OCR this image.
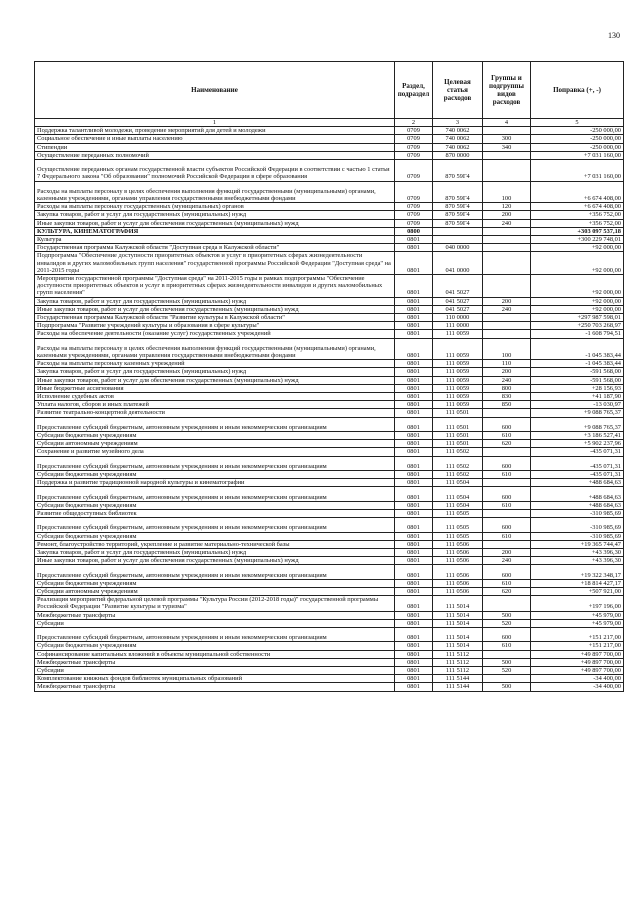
130
Наименование	Раздел, подраздел	Целевая статья расходов	Группы и подгруппы видов расходов	Поправка (+, -)
1	2	3	4	5
Поддержка талантливой молодежи, проведение мероприятий для детей и молодежи	0709	740 0062		-250 000,00
Социальное обеспечение и иные выплаты населению	0709	740 0062	300	-250 000,00
Стипендии	0709	740 0062	340	-250 000,00
Осуществление переданных полномочий	0709	870 0000		+7 031 160,00
Осуществление переданных органам государственной власти субъектов Российской Федерации в соответствии с частью 1 статьи 7 Федерального закона "Об образовании" полномочий Российской Федерации в сфере образования	0709	870 59Г4		+7 031 160,00
Расходы на выплаты персоналу в целях обеспечения выполнения функций государственными (муниципальными) органами, казенными учреждениями, органами управления государственными внебюджетными фондами	0709	870 59Г4	100	+6 674 408,00
Расходы на выплаты персоналу государственных (муниципальных) органов	0709	870 59Г4	120	+6 674 408,00
Закупка товаров, работ и услуг для государственных (муниципальных) нужд	0709	870 59Г4	200	+356 752,00
Иные закупки товаров, работ и услуг для обеспечения государственных (муниципальных) нужд	0709	870 59Г4	240	+356 752,00
КУЛЬТУРА, КИНЕМАТОГРАФИЯ	0800			+303 097 537,18
Культура	0801			+300 229 748,01
Государственная программа Калужской области "Доступная среда в Калужской области"	0801	040 0000		+92 000,00
Подпрограмма "Обеспечение доступности приоритетных объектов и услуг в приоритетных сферах жизнедеятельности инвалидов и других маломобильных групп населения" государственной программы Российской Федерации "Доступная среда" на 2011-2015 годы	0801	041 0000		+92 000,00
Мероприятия государственной программы "Доступная среда" на 2011-2015 годы в рамках подпрограммы "Обеспечение доступности приоритетных объектов и услуг в приоритетных сферах жизнедеятельности инвалидов и других маломобильных групп населения"	0801	041 5027		+92 000,00
Закупка товаров, работ и услуг для государственных (муниципальных) нужд	0801	041 5027	200	+92 000,00
Иные закупки товаров, работ и услуг для обеспечения государственных (муниципальных) нужд	0801	041 5027	240	+92 000,00
Государственная программа Калужской области "Развитие культуры в Калужской области"	0801	110 0000		+297 987 598,01
Подпрограмма "Развитие учреждений культуры и образования в сфере культуры"	0801	111 0000		+250 703 268,97
Расходы на обеспечение деятельности (оказание услуг) государственных учреждений	0801	111 0059		-1 608 794,51
Расходы на выплаты персоналу в целях обеспечения выполнения функций государственными (муниципальными) органами, казенными учреждениями, органами управления государственными внебюджетными фондами	0801	111 0059	100	-1 045 383,44
Расходы на выплаты персоналу казенных учреждений	0801	111 0059	110	-1 045 383,44
Закупка товаров, работ и услуг для государственных (муниципальных) нужд	0801	111 0059	200	-591 568,00
Иные закупки товаров, работ и услуг для обеспечения государственных (муниципальных) нужд	0801	111 0059	240	-591 568,00
Иные бюджетные ассигнования	0801	111 0059	800	+28 156,93
Исполнение судебных актов	0801	111 0059	830	+41 187,90
Уплата налогов, сборов и иных платежей	0801	111 0059	850	-13 030,97
Развитие театрально-концертной деятельности	0801	111 0501		+9 088 765,37
Предоставление субсидий бюджетным, автономным учреждениям и иным некоммерческим организациям	0801	111 0501	600	+9 088 765,37
Субсидии бюджетным учреждениям	0801	111 0501	610	+3 186 527,41
Субсидии автономным учреждениям	0801	111 0501	620	+5 902 237,96
Сохранение и развитие музейного дела	0801	111 0502		-435 071,31
Предоставление субсидий бюджетным, автономным учреждениям и иным некоммерческим организациям	0801	111 0502	600	-435 071,31
Субсидии бюджетным учреждениям	0801	111 0502	610	-435 071,31
Поддержка и развитие традиционной народной культуры и кинематографии	0801	111 0504		+488 684,63
Предоставление субсидий бюджетным, автономным учреждениям и иным некоммерческим организациям	0801	111 0504	600	+488 684,63
Субсидии бюджетным учреждениям	0801	111 0504	610	+488 684,63
Развитие общедоступных библиотек	0801	111 0505		-310 985,69
Предоставление субсидий бюджетным, автономным учреждениям и иным некоммерческим организациям	0801	111 0505	600	-310 985,69
Субсидии бюджетным учреждениям	0801	111 0505	610	-310 985,69
Ремонт, благоустройство территорий, укрепление и развитие материально-технической базы	0801	111 0506		+19 365 744,47
Закупка товаров, работ и услуг для государственных (муниципальных) нужд	0801	111 0506	200	+43 396,30
Иные закупки товаров, работ и услуг для обеспечения государственных (муниципальных) нужд	0801	111 0506	240	+43 396,30
Предоставление субсидий бюджетным, автономным учреждениям и иным некоммерческим организациям	0801	111 0506	600	+19 322 348,17
Субсидии бюджетным учреждениям	0801	111 0506	610	+18 814 427,17
Субсидии автономным учреждениям	0801	111 0506	620	+507 921,00
Реализация мероприятий федеральной целевой программы "Культура России (2012-2018 годы)" государственной программы Российской Федерации "Развитие культуры и туризма"	0801	111 5014		+197 196,00
Межбюджетные трансферты	0801	111 5014	500	+45 979,00
Субсидии	0801	111 5014	520	+45 979,00
Предоставление субсидий бюджетным, автономным учреждениям и иным некоммерческим организациям	0801	111 5014	600	+151 217,00
Субсидии бюджетным учреждениям	0801	111 5014	610	+151 217,00
Софинансирование капитальных вложений в объекты муниципальной собственности	0801	111 5112		+49 897 700,00
Межбюджетные трансферты	0801	111 5112	500	+49 897 700,00
Субсидии	0801	111 5112	520	+49 897 700,00
Комплектование книжных фондов библиотек муниципальных образований	0801	111 5144		-34 400,00
Межбюджетные трансферты	0801	111 5144	500	-34 400,00
